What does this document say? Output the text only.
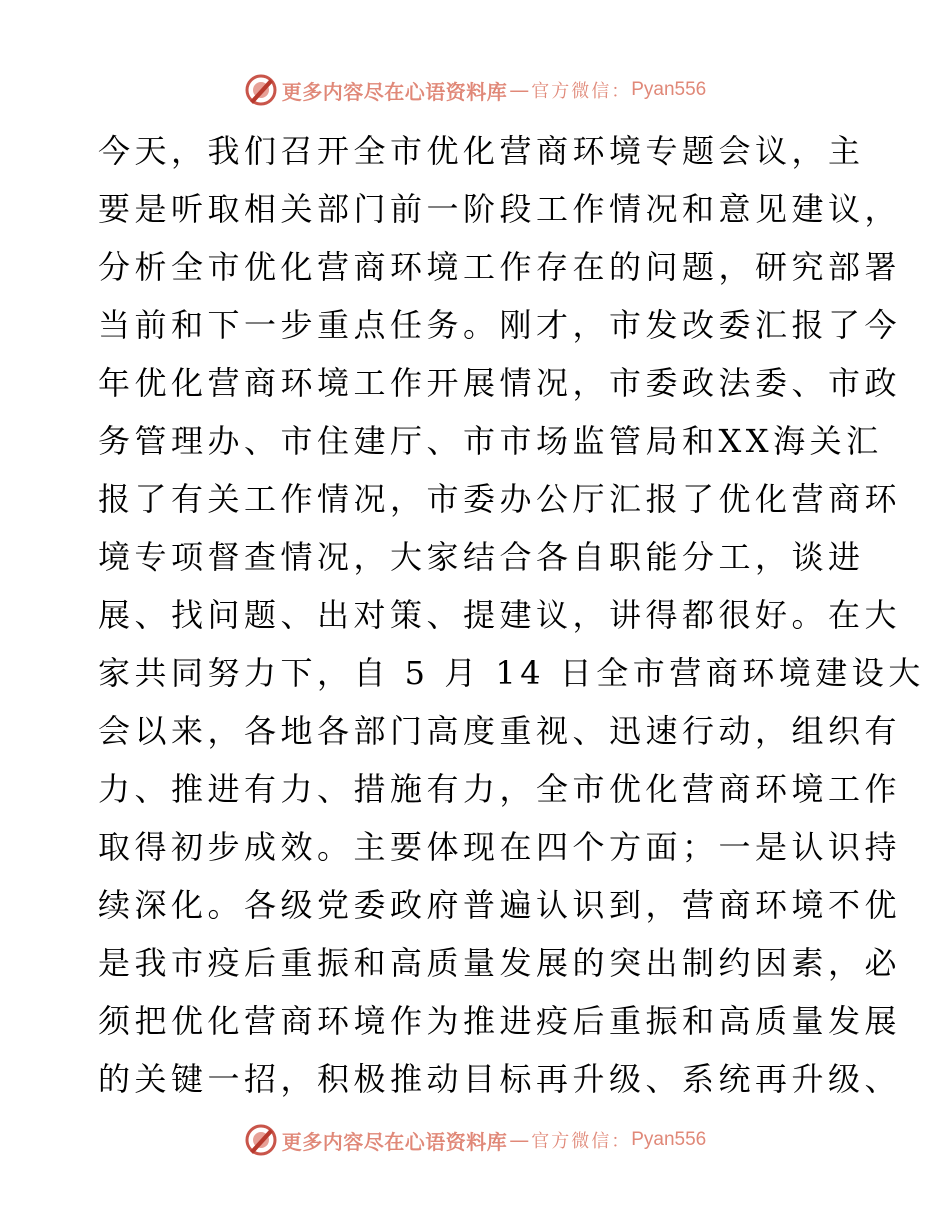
更多内容尽在心语资料库 — 官方微信： Pyan556
今天，我们召开全市优化营商环境专题会议，主
要是听取相关部门前一阶段工作情况和意见建议，
分析全市优化营商环境工作存在的问题，研究部署
当前和下一步重点任务。刚才，市发改委汇报了今
年优化营商环境工作开展情况，市委政法委、市政
务管理办、市住建厅、市市场监管局和XX海关汇
报了有关工作情况，市委办公厅汇报了优化营商环
境专项督查情况，大家结合各自职能分工，谈进
展、找问题、出对策、提建议，讲得都很好。在大
家共同努力下，自 5 月 14 日全市营商环境建设大
会以来，各地各部门高度重视、迅速行动，组织有
力、推进有力、措施有力，全市优化营商环境工作
取得初步成效。主要体现在四个方面；一是认识持
续深化。各级党委政府普遍认识到，营商环境不优
是我市疫后重振和高质量发展的突出制约因素，必
须把优化营商环境作为推进疫后重振和高质量发展
的关键一招，积极推动目标再升级、系统再升级、
更多内容尽在心语资料库 — 官方微信： Pyan556
